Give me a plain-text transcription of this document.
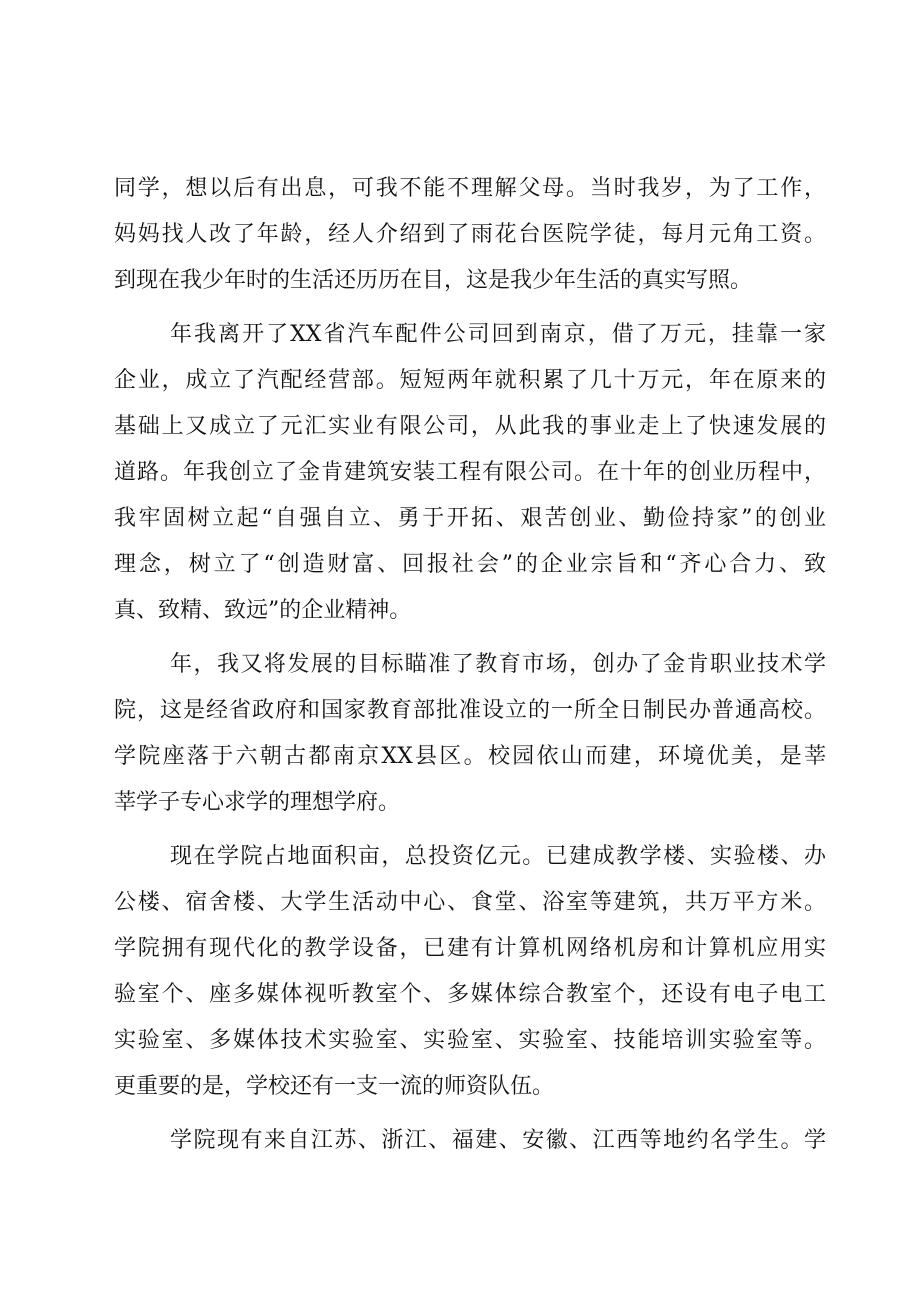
同学，想以后有出息，可我不能不理解父母。当时我岁，为了工作，
妈妈找人改了年龄，经人介绍到了雨花台医院学徒，每月元角工资。
到现在我少年时的生活还历历在目，这是我少年生活的真实写照。
年我离开了XX省汽车配件公司回到南京，借了万元，挂靠一家
企业，成立了汽配经营部。短短两年就积累了几十万元，年在原来的
基础上又成立了元汇实业有限公司，从此我的事业走上了快速发展的
道路。年我创立了金肯建筑安装工程有限公司。在十年的创业历程中，
我牢固树立起“自强自立、勇于开拓、艰苦创业、勤俭持家”的创业
理念，树立了“创造财富、回报社会”的企业宗旨和“齐心合力、致
真、致精、致远”的企业精神。
年，我又将发展的目标瞄准了教育市场，创办了金肯职业技术学
院，这是经省政府和国家教育部批准设立的一所全日制民办普通高校。
学院座落于六朝古都南京XX县区。校园依山而建，环境优美，是莘
莘学子专心求学的理想学府。
现在学院占地面积亩，总投资亿元。已建成教学楼、实验楼、办
公楼、宿舍楼、大学生活动中心、食堂、浴室等建筑，共万平方米。
学院拥有现代化的教学设备，已建有计算机网络机房和计算机应用实
验室个、座多媒体视听教室个、多媒体综合教室个，还设有电子电工
实验室、多媒体技术实验室、实验室、实验室、技能培训实验室等。
更重要的是，学校还有一支一流的师资队伍。
学院现有来自江苏、浙江、福建、安徽、江西等地约名学生。学
